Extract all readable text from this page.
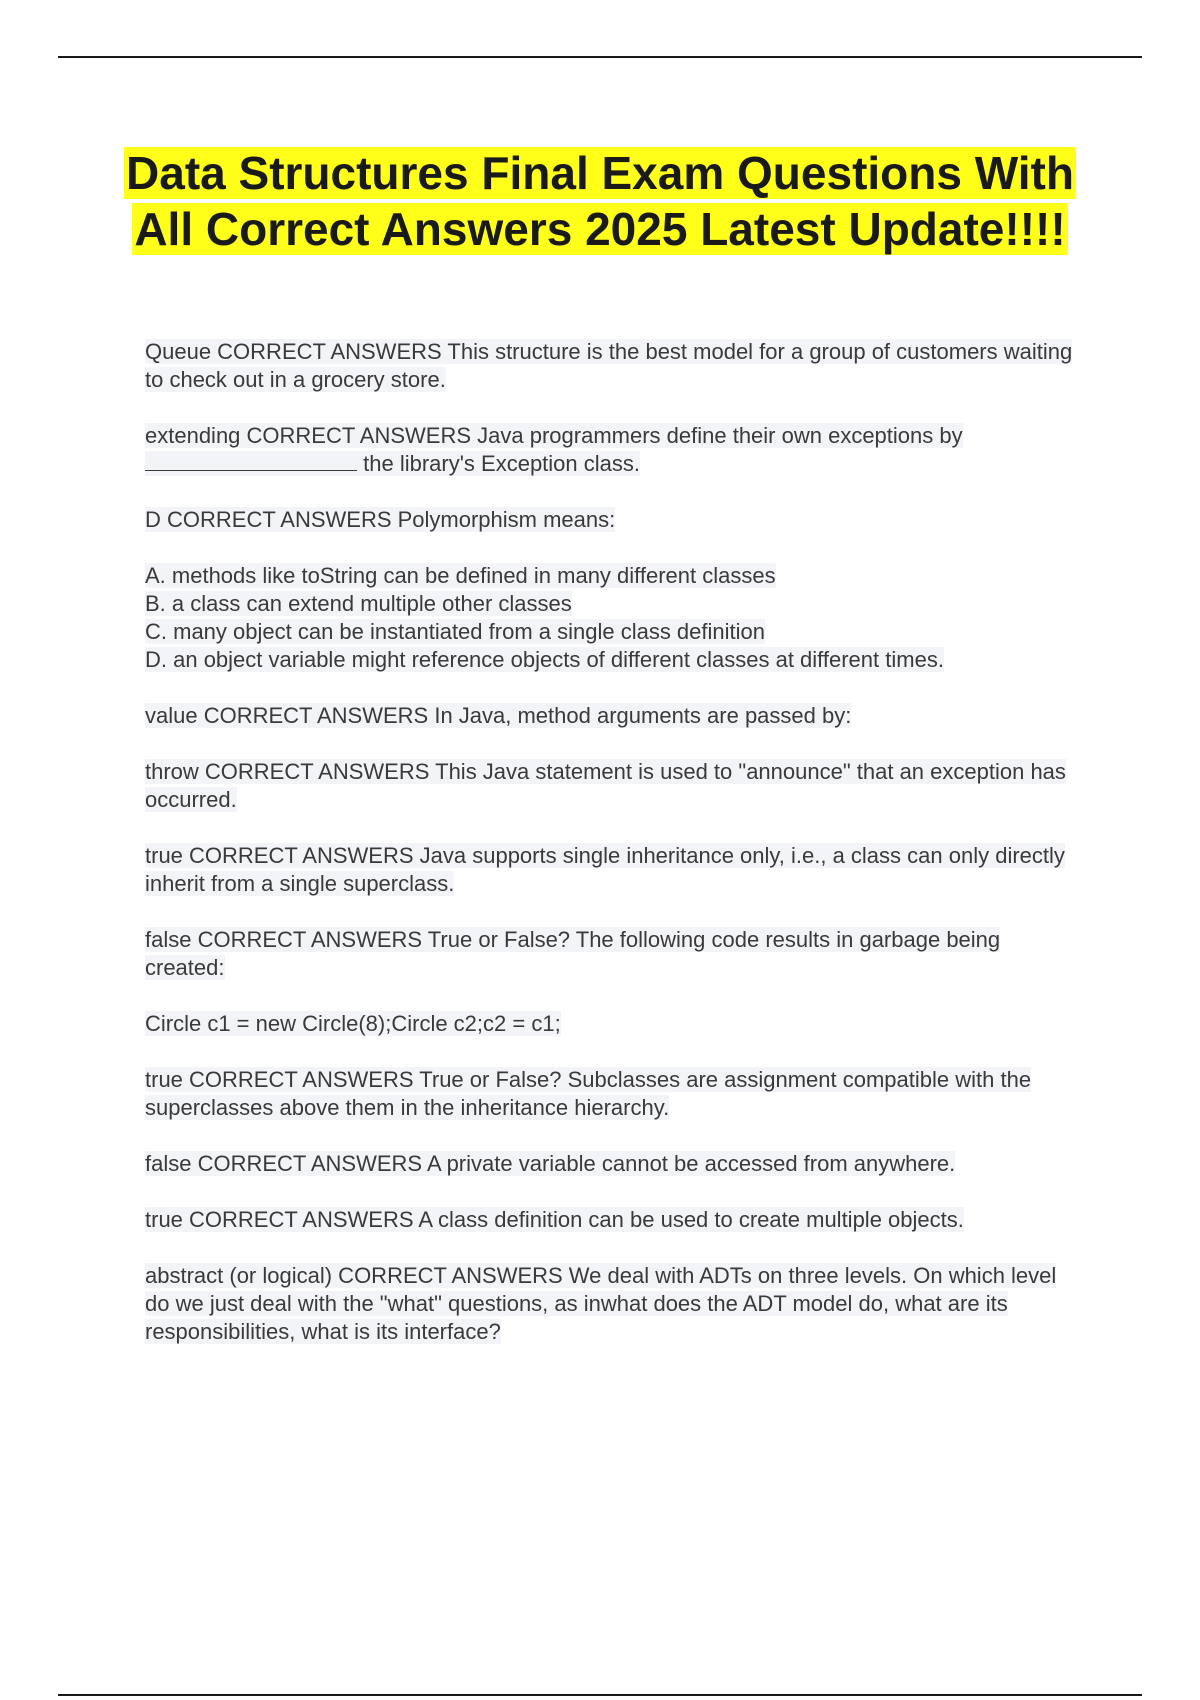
Data Structures Final Exam Questions With All Correct Answers 2025 Latest Update!!!!

Queue CORRECT ANSWERS This structure is the best model for a group of customers waiting to check out in a grocery store.

extending CORRECT ANSWERS Java programmers define their own exceptions by  the library's Exception class.

D CORRECT ANSWERS Polymorphism means:

A. methods like toString can be defined in many different classes
B. a class can extend multiple other classes
C. many object can be instantiated from a single class definition
D. an object variable might reference objects of different classes at different times.

value CORRECT ANSWERS In Java, method arguments are passed by:

throw CORRECT ANSWERS This Java statement is used to "announce" that an exception has occurred.

true CORRECT ANSWERS Java supports single inheritance only, i.e., a class can only directly inherit from a single superclass.

false CORRECT ANSWERS True or False? The following code results in garbage being created:

Circle c1 = new Circle(8);Circle c2;c2 = c1;

true CORRECT ANSWERS True or False? Subclasses are assignment compatible with the superclasses above them in the inheritance hierarchy.

false CORRECT ANSWERS A private variable cannot be accessed from anywhere.

true CORRECT ANSWERS A class definition can be used to create multiple objects.

abstract (or logical) CORRECT ANSWERS We deal with ADTs on three levels. On which level do we just deal with the "what" questions, as inwhat does the ADT model do, what are its responsibilities, what is its interface?
